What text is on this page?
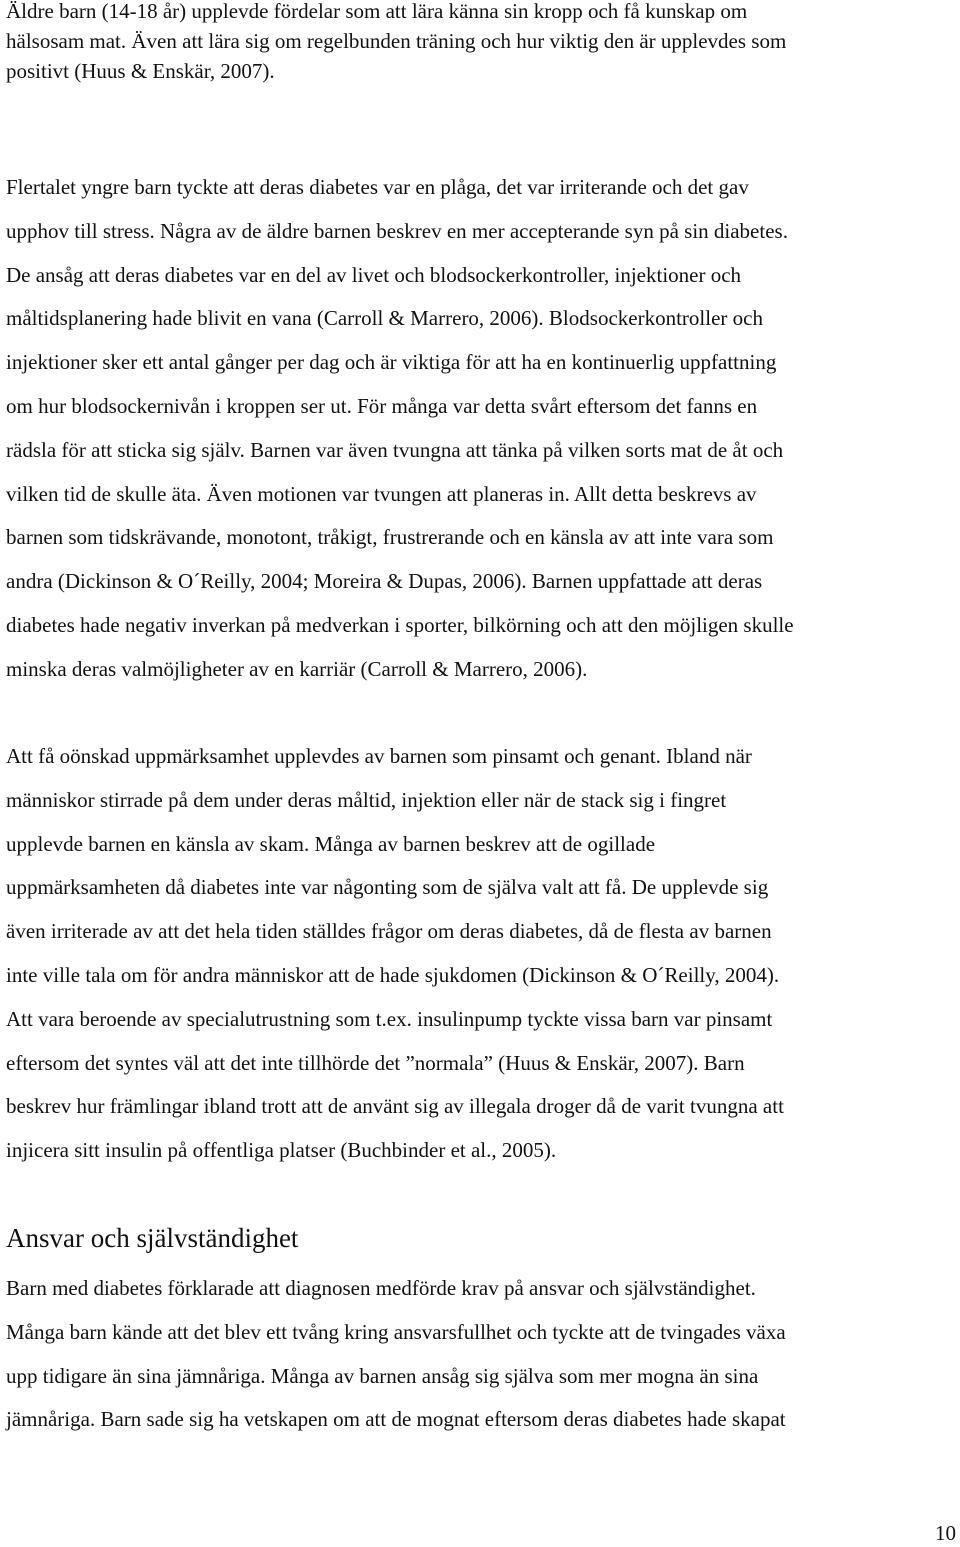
Äldre barn (14-18 år) upplevde fördelar som att lära känna sin kropp och få kunskap om
hälsosam mat. Även att lära sig om regelbunden träning och hur viktig den är upplevdes som
positivt (Huus & Enskär, 2007).

Flertalet yngre barn tyckte att deras diabetes var en plåga, det var irriterande och det gav
upphov till stress. Några av de äldre barnen beskrev en mer accepterande syn på sin diabetes.
De ansåg att deras diabetes var en del av livet och blodsockerkontroller, injektioner och
måltidsplanering hade blivit en vana (Carroll & Marrero, 2006). Blodsockerkontroller och
injektioner sker ett antal gånger per dag och är viktiga för att ha en kontinuerlig uppfattning
om hur blodsockernivån i kroppen ser ut. För många var detta svårt eftersom det fanns en
rädsla för att sticka sig själv. Barnen var även tvungna att tänka på vilken sorts mat de åt och
vilken tid de skulle äta. Även motionen var tvungen att planeras in. Allt detta beskrevs av
barnen som tidskrävande, monotont, tråkigt, frustrerande och en känsla av att inte vara som
andra (Dickinson & O´Reilly, 2004; Moreira & Dupas, 2006). Barnen uppfattade att deras
diabetes hade negativ inverkan på medverkan i sporter, bilkörning och att den möjligen skulle
minska deras valmöjligheter av en karriär (Carroll & Marrero, 2006).

Att få oönskad uppmärksamhet upplevdes av barnen som pinsamt och genant. Ibland när
människor stirrade på dem under deras måltid, injektion eller när de stack sig i fingret
upplevde barnen en känsla av skam. Många av barnen beskrev att de ogillade
uppmärksamheten då diabetes inte var någonting som de själva valt att få. De upplevde sig
även irriterade av att det hela tiden ställdes frågor om deras diabetes, då de flesta av barnen
inte ville tala om för andra människor att de hade sjukdomen (Dickinson & O´Reilly, 2004).
Att vara beroende av specialutrustning som t.ex. insulinpump tyckte vissa barn var pinsamt
eftersom det syntes väl att det inte tillhörde det ”normala” (Huus & Enskär, 2007). Barn
beskrev hur främlingar ibland trott att de använt sig av illegala droger då de varit tvungna att
injicera sitt insulin på offentliga platser (Buchbinder et al., 2005).

Ansvar och självständighet

Barn med diabetes förklarade att diagnosen medförde krav på ansvar och självständighet.
Många barn kände att det blev ett tvång kring ansvarsfullhet och tyckte att de tvingades växa
upp tidigare än sina jämnåriga. Många av barnen ansåg sig själva som mer mogna än sina
jämnåriga. Barn sade sig ha vetskapen om att de mognat eftersom deras diabetes hade skapat

10
